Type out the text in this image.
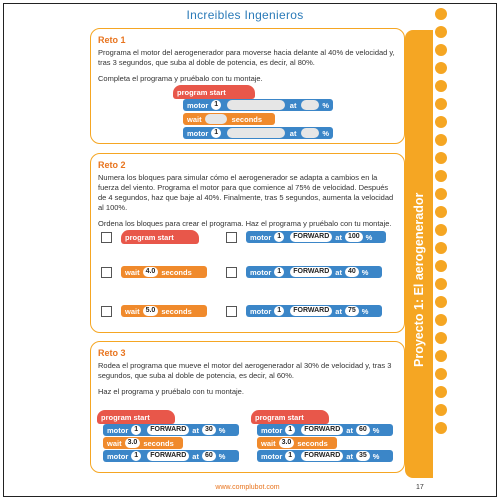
Proyecto 1: El aerogenerador
Increibles Ingenieros
Reto 1
Programa el motor del aerogenerador para moverse hacia delante al 40% de velocidad y, tras 3 segundos, que suba al doble de potencia, es decir, al 80%.
Completa el programa y pruébalo con tu montaje.
program start
motor 1	at	%
wait	seconds
motor 1	at	%
Reto 2
Numera los bloques para simular cómo el aerogenerador se adapta a cambios en la fuerza del viento. Programa el motor para que comience al 75% de velocidad. Después de 4 segundos, haz que baje al 40%. Finalmente, tras 5 segundos, aumenta la velocidad al 100%.
Ordena los bloques para crear el programa. Haz el programa y pruébalo con tu montaje.
program start
wait 4.0 seconds
wait 5.0 seconds
motor 1	FORWARD at 100 %
motor 1	FORWARD at 40 %
motor 1	FORWARD at 75 %
Reto 3
Rodea el programa que mueve el motor del aerogenerador al 30% de velocidad y, tras 3 segundos, que suba al doble de potencia, es decir, al 60%.
Haz el programa y pruébalo con tu montaje.
program start
motor 1	FORWARD at 30 %
wait 3.0 seconds
motor 1	FORWARD at 60 %
program start
motor 1	FORWARD at 60 %
wait 3.0 seconds
motor 1	FORWARD at 35 %
www.complubot.com	17
